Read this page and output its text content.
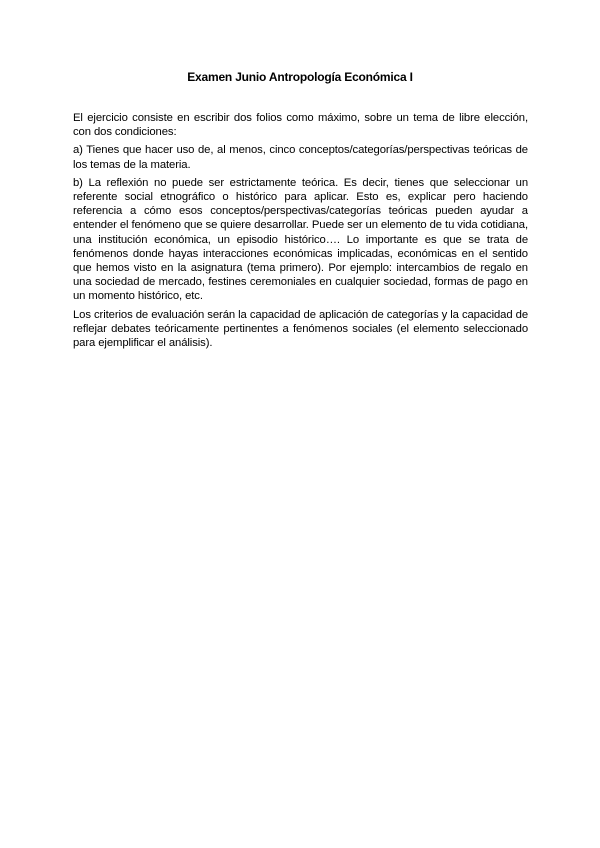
Examen Junio Antropología Económica I

El ejercicio consiste en escribir dos folios como máximo, sobre un tema de libre elección, con dos condiciones:

a) Tienes que hacer uso de, al menos, cinco conceptos/categorías/perspectivas teóricas de los temas de la materia.

b) La reflexión no puede ser estrictamente teórica. Es decir, tienes que seleccionar un referente social etnográfico o histórico para aplicar. Esto es, explicar pero haciendo referencia a cómo esos conceptos/perspectivas/categorías teóricas pueden ayudar a entender el fenómeno que se quiere desarrollar. Puede ser un elemento de tu vida cotidiana, una institución económica, un episodio histórico…. Lo importante es que se trata de fenómenos donde hayas interacciones económicas implicadas, económicas en el sentido que hemos visto en la asignatura (tema primero). Por ejemplo: intercambios de regalo en una sociedad de mercado, festines ceremoniales en cualquier sociedad, formas de pago en un momento histórico, etc.

Los criterios de evaluación serán la capacidad de aplicación de categorías y la capacidad de reflejar debates teóricamente pertinentes a fenómenos sociales (el elemento seleccionado para ejemplificar el análisis).
